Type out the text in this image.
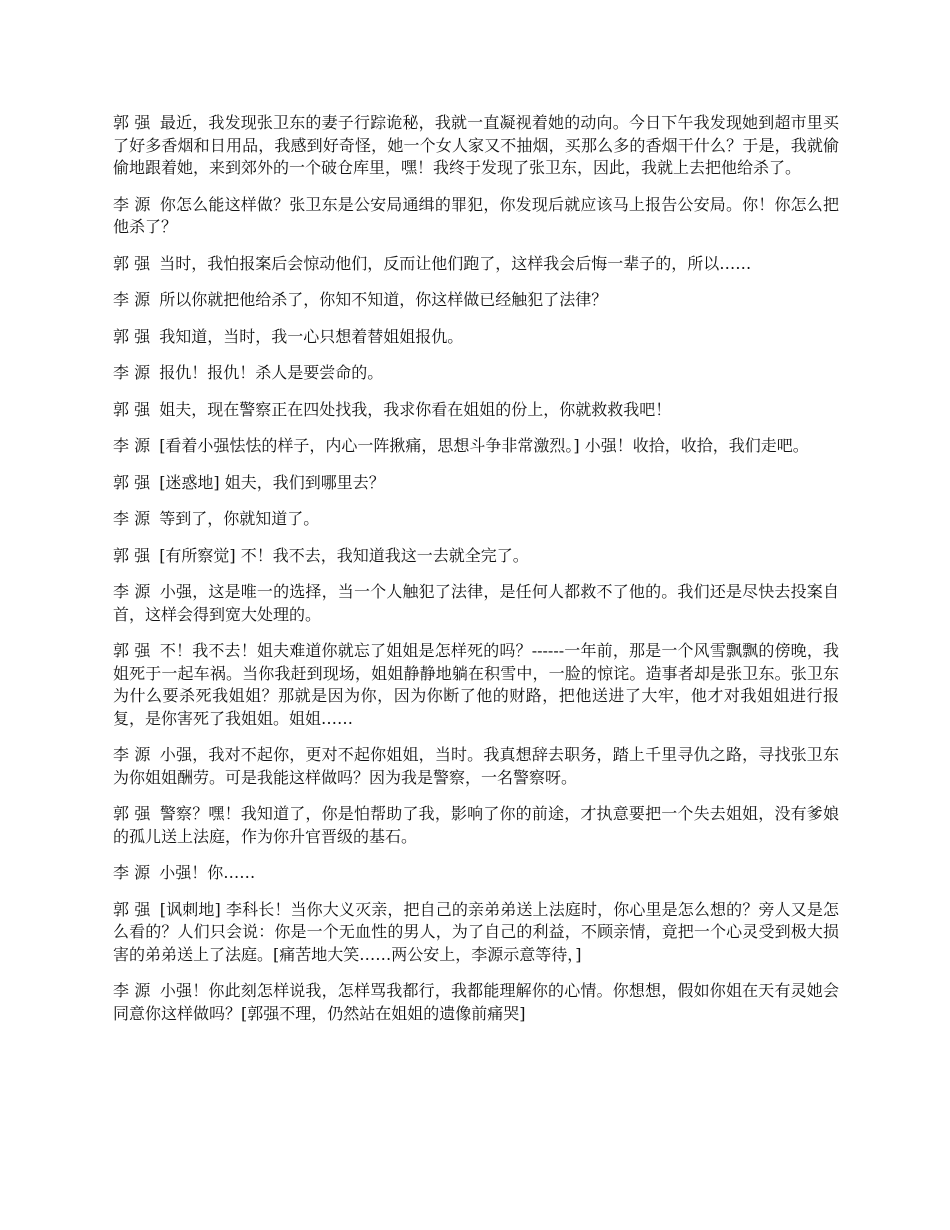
郭 强 最近，我发现张卫东的妻子行踪诡秘，我就一直凝视着她的动向。今日下午我发现她到超市里买了好多香烟和日用品，我感到好奇怪，她一个女人家又不抽烟，买那么多的香烟干什么？于是，我就偷偷地跟着她，来到郊外的一个破仓库里，嘿！我终于发现了张卫东，因此，我就上去把他给杀了。

李 源 你怎么能这样做？张卫东是公安局通缉的罪犯，你发现后就应该马上报告公安局。你！你怎么把他杀了？

郭 强 当时，我怕报案后会惊动他们，反而让他们跑了，这样我会后悔一辈子的，所以……

李 源 所以你就把他给杀了，你知不知道，你这样做已经触犯了法律？

郭 强 我知道，当时，我一心只想着替姐姐报仇。

李 源 报仇！报仇！杀人是要尝命的。

郭 强 姐夫，现在警察正在四处找我，我求你看在姐姐的份上，你就救救我吧！

李 源 [看着小强怯怯的样子，内心一阵揪痛，思想斗争非常激烈。] 小强！收拾，收拾，我们走吧。

郭 强 [迷惑地] 姐夫，我们到哪里去？

李 源 等到了，你就知道了。

郭 强 [有所察觉] 不！我不去，我知道我这一去就全完了。

李 源 小强，这是唯一的选择，当一个人触犯了法律，是任何人都救不了他的。我们还是尽快去投案自首，这样会得到宽大处理的。

郭 强 不！我不去！姐夫难道你就忘了姐姐是怎样死的吗？------一年前，那是一个风雪飘飘的傍晚，我姐死于一起车祸。当你我赶到现场，姐姐静静地躺在积雪中，一脸的惊诧。造事者却是张卫东。张卫东为什么要杀死我姐姐？那就是因为你，因为你断了他的财路，把他送进了大牢，他才对我姐姐进行报复，是你害死了我姐姐。姐姐……

李 源 小强，我对不起你，更对不起你姐姐，当时。我真想辞去职务，踏上千里寻仇之路，寻找张卫东为你姐姐酬劳。可是我能这样做吗？因为我是警察，一名警察呀。

郭 强 警察？嘿！我知道了，你是怕帮助了我，影响了你的前途，才执意要把一个失去姐姐，没有爹娘的孤儿送上法庭，作为你升官晋级的基石。

李 源 小强！你……

郭 强 [讽刺地] 李科长！当你大义灭亲，把自己的亲弟弟送上法庭时，你心里是怎么想的？旁人又是怎么看的？人们只会说：你是一个无血性的男人，为了自己的利益，不顾亲情，竟把一个心灵受到极大损害的弟弟送上了法庭。[痛苦地大笑……两公安上，李源示意等待，]

李 源 小强！你此刻怎样说我，怎样骂我都行，我都能理解你的心情。你想想，假如你姐在天有灵她会同意你这样做吗？[郭强不理，仍然站在姐姐的遗像前痛哭]
